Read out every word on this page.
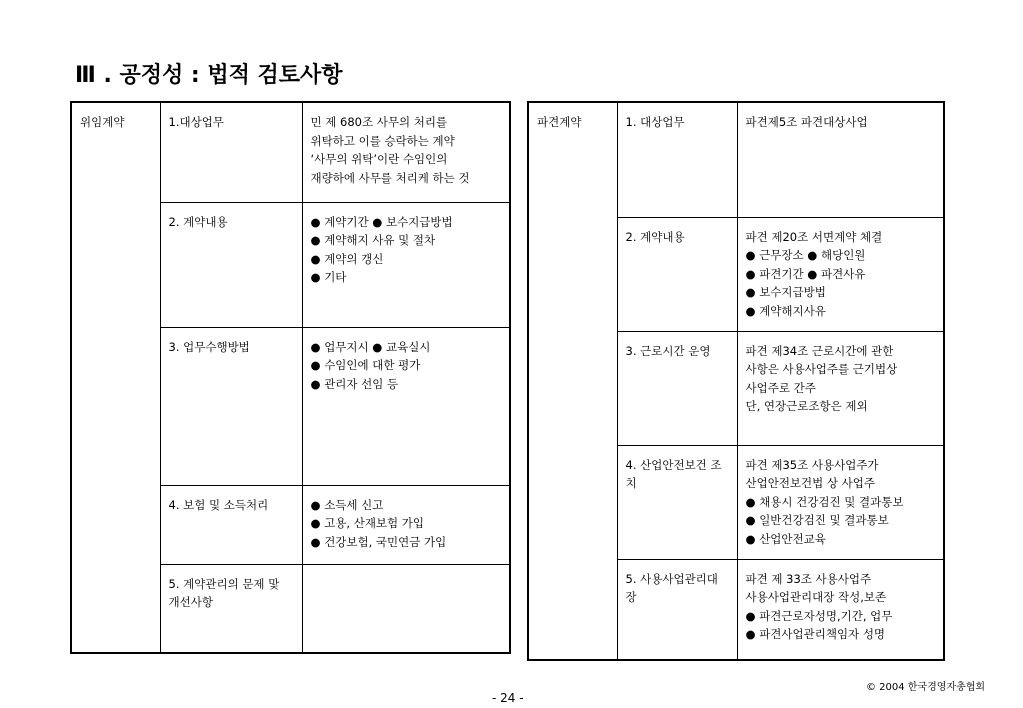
Ⅲ . 공정성 : 법적 검토사항
위임계약	1.대상업무	민 제 680조 사무의 처리를
위탁하고 이를 승락하는 계약
‘사무의 위탁’이란 수임인의
재량하에 사무를 처리케 하는 것

	2. 계약내용	● 계약기간 ● 보수지급방법
● 계약해지 사유 및 절차
● 계약의 갱신
● 기타

	3. 업무수행방법	● 업무지시 ● 교육실시
● 수임인에 대한 평가
● 관리자 선임 등

	4. 보험 및 소득처리	● 소득세 신고
● 고용, 산재보험 가입
● 건강보험, 국민연금 가입

	5. 계약관리의 문제 맟 개선사항	
파견계약	1. 대상업무	파견제5조 파견대상사업

	2. 계약내용	파견 제20조 서면계약 체결
● 근무장소 ● 해당인원
● 파견기간 ● 파견사유
● 보수지급방법
● 계약해지사유

	3. 근로시간 운영	파견 제34조 근로시간에 관한
사항은 사용사업주를 근기법상
사업주로 간주
단, 연장근로조항은 제외

	4. 산업안전보건 조치	파견 제35조 사용사업주가
산업안전보건법 상 사업주
● 채용시 건강검진 및 결과통보
● 일반건강검진 및 결과통보
● 산업안전교육

	5. 사용사업관리대장	파견 제 33조 사용사업주
사용사업관리대장 작성,보존
● 파견근로자성명,기간, 업무
● 파견사업관리책임자 성명
© 2004 한국경영자총협회
- 24 -
